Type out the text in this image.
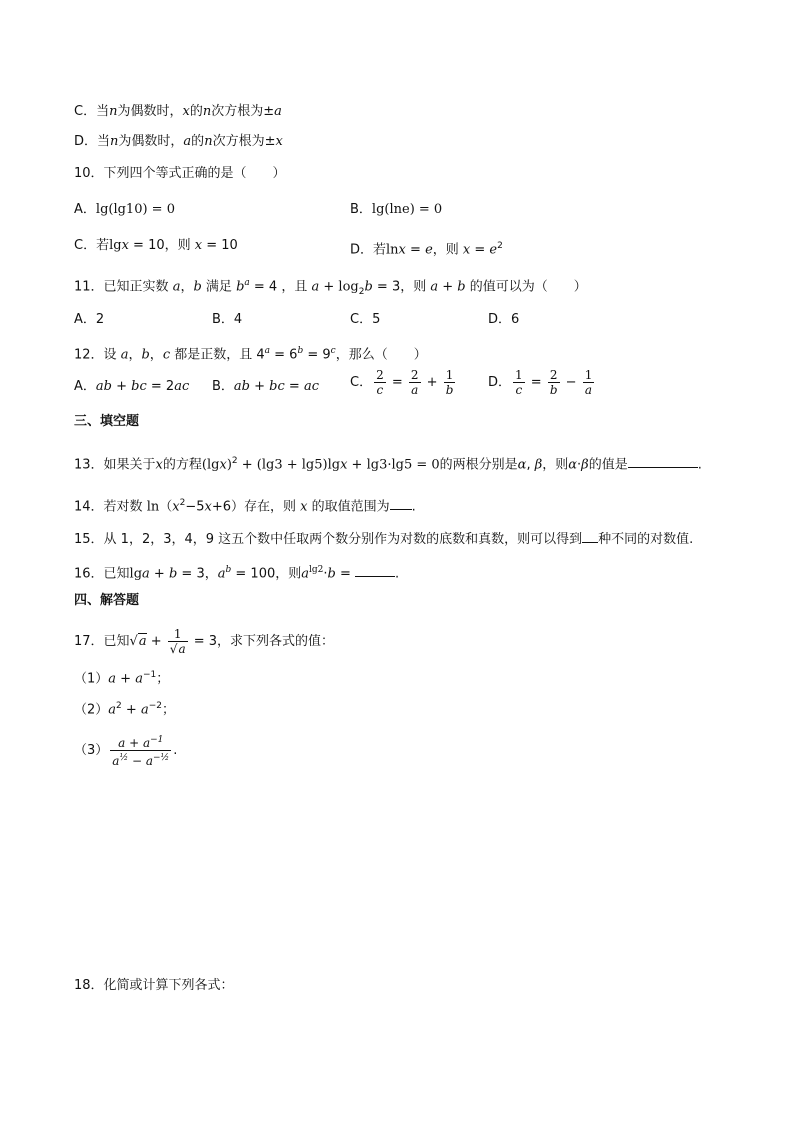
C．当n为偶数时，x的n次方根为±a
D．当n为偶数时，a的n次方根为±x
10．下列四个等式正确的是（　　）
A．lg(lg10) = 0	B．lg(lne) = 0
C．若lgx = 10，则 x = 10	D．若lnx = e，则 $x = e^2$
11．已知正实数 a，b 满足 $b^a = 4$ ，且 $a + \log_2b = 3$，则 a + b 的值可以为（　　）
A．2	B．4	C．5	D．6
12．设 a，b，c 都是正数，且 $4^a = 6^b = 9^c$，那么（　　）
A．ab + bc = 2ac B．ab + bc = ac C． $\frac{2}{c} = \frac{2}{a} + \frac{1}{b}$	D． $\frac{1}{c} = \frac{2}{b} - \frac{1}{a}$
三、填空题
13．如果关于x的方程$(\lg x)^2 + (\lg 3 + \lg 5)\lg x + \lg 3\cdot\lg 5 = 0$的两根分别是α, β，则α·β的值是	.
14．若对数 $\ln(x^2-5x+6)$存在，则 x 的取值范围为 .
15．从 1，2，3，4，9 这五个数中任取两个数分别作为对数的底数和真数，则可以得到 种不同的对数值.
16．已知lga + b = 3，$a^b = 100$，则$a^{lg2}\cdot b$ =	.
四、解答题
17．已知$√a + \frac{1}{√a} = 3$，求下列各式的值：
$(1)a + a^{-1}$；
$(2)a^2 + a^{-2}$；
$(3) \frac{a + a^{-1}}{a^{\frac{1}{2}} - a^{-\frac{1}{2}}}$ .
18．化简或计算下列各式：
